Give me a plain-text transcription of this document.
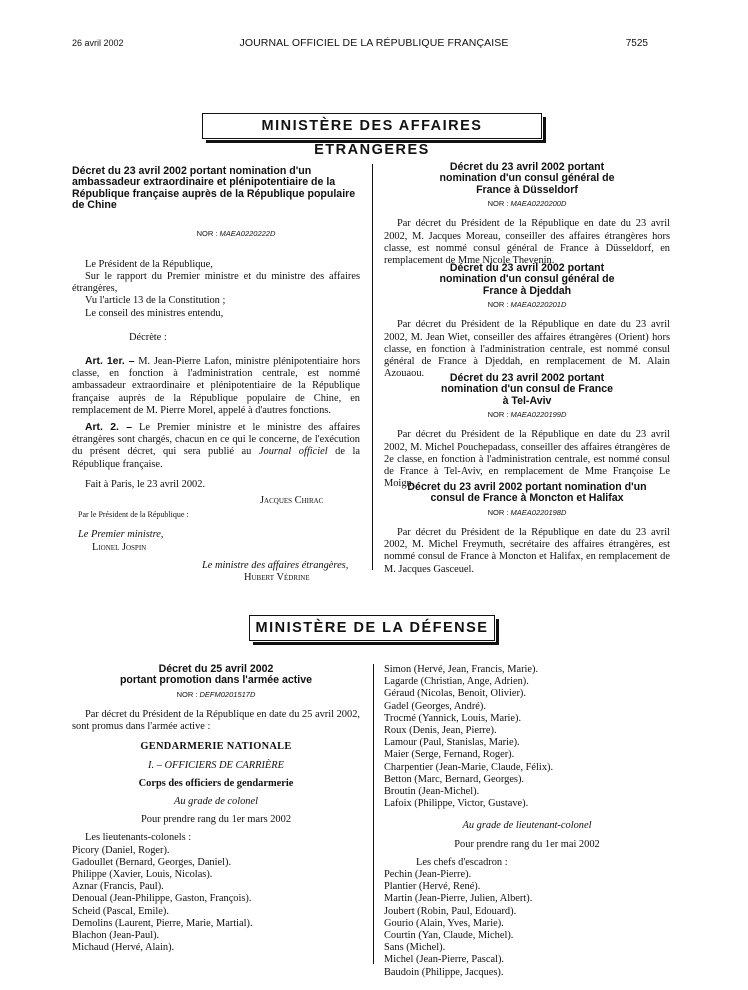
26 avril 2002	JOURNAL OFFICIEL DE LA RÉPUBLIQUE FRANÇAISE	7525
MINISTÈRE DES AFFAIRES ÉTRANGÈRES
Décret du 23 avril 2002 portant nomination d'un ambassadeur extraordinaire et plénipotentiaire de la République française auprès de la République populaire de Chine
NOR : MAEA0220222D
Le Président de la République,
Sur le rapport du Premier ministre et du ministre des affaires étrangères,
Vu l'article 13 de la Constitution ;
Le conseil des ministres entendu,
Décrète :
Art. 1er. – M. Jean-Pierre Lafon, ministre plénipotentiaire hors classe, en fonction à l'administration centrale, est nommé ambassadeur extraordinaire et plénipotentiaire de la République française auprès de la République populaire de Chine, en remplacement de M. Pierre Morel, appelé à d'autres fonctions.
Art. 2. – Le Premier ministre et le ministre des affaires étrangères sont chargés, chacun en ce qui le concerne, de l'exécution du présent décret, qui sera publié au Journal officiel de la République française.
Fait à Paris, le 23 avril 2002.
Jacques Chirac
Par le Président de la République :
Le Premier ministre,
Lionel Jospin
Le ministre des affaires étrangères,
Hubert Védrine
Décret du 23 avril 2002 portant nomination d'un consul général de France à Düsseldorf
NOR : MAEA0220200D
Par décret du Président de la République en date du 23 avril 2002, M. Jacques Moreau, conseiller des affaires étrangères hors classe, est nommé consul général de France à Düsseldorf, en remplacement de Mme Nicole Thevenin.
Décret du 23 avril 2002 portant nomination d'un consul général de France à Djeddah
NOR : MAEA0220201D
Par décret du Président de la République en date du 23 avril 2002, M. Jean Wiet, conseiller des affaires étrangères (Orient) hors classe, en fonction à l'administration centrale, est nommé consul général de France à Djeddah, en remplacement de M. Alain Azouaou.	Décret du 23 avril 2002 portant nomination d'un consul de France à Tel-Aviv
NOR : MAEA0220199D
Par décret du Président de la République en date du 23 avril 2002, M. Michel Pouchepadass, conseiller des affaires étrangères de 2e classe, en fonction à l'administration centrale, est nommé consul de France à Tel-Aviv, en remplacement de Mme Françoise Le Moign.
Décret du 23 avril 2002 portant nomination d'un consul de France à Moncton et Halifax
NOR : MAEA0220198D
Par décret du Président de la République en date du 23 avril 2002, M. Michel Freymuth, secrétaire des affaires étrangères, est nommé consul de France à Moncton et Halifax, en remplacement de M. Jacques Gasceuel.
MINISTÈRE DE LA DÉFENSE
Décret du 25 avril 2002
portant promotion dans l'armée active
NOR : DEFM0201517D
Par décret du Président de la République en date du 25 avril 2002, sont promus dans l'armée active :
GENDARMERIE NATIONALE
I. – OFFICIERS DE CARRIÈRE
Corps des officiers de gendarmerie
Au grade de colonel
Pour prendre rang du 1er mars 2002
Les lieutenants-colonels :
Picory (Daniel, Roger).
Gadoullet (Bernard, Georges, Daniel).
Philippe (Xavier, Louis, Nicolas).
Aznar (Francis, Paul).
Denoual (Jean-Philippe, Gaston, François).
Scheid (Pascal, Emile).
Demolins (Laurent, Pierre, Marie, Martial).
Blachon (Jean-Paul).
Michaud (Hervé, Alain).
Simon (Hervé, Jean, Francis, Marie).
Lagarde (Christian, Ange, Adrien).
Géraud (Nicolas, Benoit, Olivier).
Gadel (Georges, André).
Trocmé (Yannick, Louis, Marie).
Roux (Denis, Jean, Pierre).
Lamour (Paul, Stanislas, Marie).
Maier (Serge, Fernand, Roger).
Charpentier (Jean-Marie, Claude, Félix).
Betton (Marc, Bernard, Georges).
Broutin (Jean-Michel).
Lafoix (Philippe, Victor, Gustave).
Au grade de lieutenant-colonel
Pour prendre rang du 1er mai 2002
Les chefs d'escadron :
Pechin (Jean-Pierre).
Plantier (Hervé, René).
Martin (Jean-Pierre, Julien, Albert).
Joubert (Robin, Paul, Edouard).
Gourio (Alain, Yves, Marie).
Courtin (Yan, Claude, Michel).
Sans (Michel).
Michel (Jean-Pierre, Pascal).
Baudoin (Philippe, Jacques).
